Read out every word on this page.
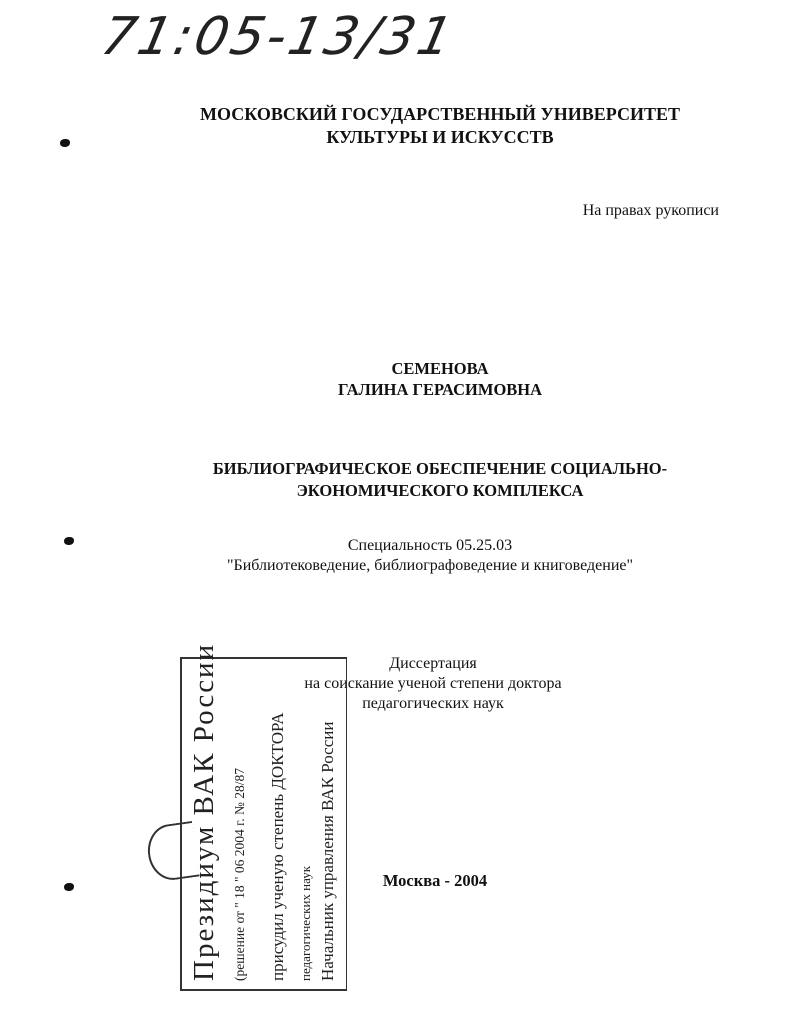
71:05-13/31
МОСКОВСКИЙ ГОСУДАРСТВЕННЫЙ УНИВЕРСИТЕТ
КУЛЬТУРЫ И ИСКУССТВ
На правах рукописи
СЕМЕНОВА
ГАЛИНА ГЕРАСИМОВНА
БИБЛИОГРАФИЧЕСКОЕ ОБЕСПЕЧЕНИЕ СОЦИАЛЬНО-
ЭКОНОМИЧЕСКОГО КОМПЛЕКСА
Специальность 05.25.03
"Библиотековедение, библиографоведение и книговедение"
Диссертация
на соискание ученой степени доктора
педагогических наук
Москва - 2004
Президиум ВАК России (решение от " 18 " 06 2004 г. № 28/87 присудил ученую степень ДОКТОРА педагогических наук Начальник управления ВАК России
